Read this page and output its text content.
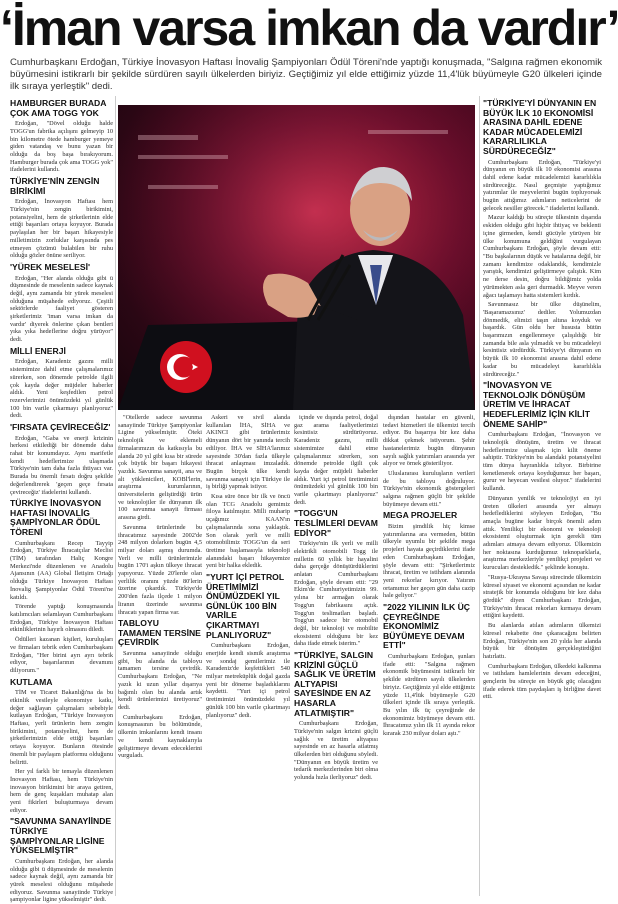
‘İman varsa imkan da vardır’

Cumhurbaşkanı Erdoğan, Türkiye İnovasyon Haftası İnovalig Şampiyonları Ödül Töreni'nde yaptığı konuşmada, "Salgına rağmen ekonomik büyümesini istikrarlı bir şekilde sürdüren sayılı ülkelerden biriyiz. Geçtiğimiz yıl elde ettiğimiz yüzde 11,4'lük büyümeyle G20 ülkeleri içinde ilk sıraya yerleştik" dedi.

HAMBURGER BURADA ÇOK AMA TOGG YOK

Erdoğan, "Dövel olduğu halde TOGG'un fabrika açılışını gelmeyip 10 bin kilometre ötede hamburger yemeye giden vatandaş ve bunu yazan bir olduğu da boş başa bırakıyorum. Hamburger burada çok ama TOGG yok" ifadelerini kullandı.

TÜRKİYE'NİN ZENGİN BİRİKİMİ

Erdoğan, İnovasyon Haftası hem Türkiye'nin zengin birikimini, potansiyelini, hem de şirketlerinin elde ettiği başarıları ortaya koyuyor. Burada paylaşılan her bir başarı hikayesiyle milletimizin zorluklar karşısında pes etmeyen çözümü bulabilen bir ruhu olduğu gözler önüne seriliyor.

'YÜREK MESELESİ'

Erdoğan, "Her alanda olduğu gibi ü düşmesinde de meselenin sadece kaynak değil, aynı zamanda bir yürek meselesi olduğuna müşahede ediyoruz. Çeşitli sektörlerde faaliyet gösteren şirketlerimiz 'iman varsa imkan da vardır' diyerek önlerine çıkan bentleri yıka yıka hedeflerine doğru yürüyor" dedi.

MİLLİ ENERJİ

Erdoğan, Karadeniz gazını milli sistemimize dahil etme çalışmalarımız sürerken, son dönemde petrolde ilgili çok kayda değer müjdeler haberler aldık. Yeni keşfedilen petrol rezervlerimizi önümüzdeki yıl günlük 100 bin varile çıkarmayı planlıyoruz" dedi.

'FIRSATA ÇEVİRECEĞİZ'

Erdoğan, "Gaba ve enerji krizinin herkesi etkilediği bir dönemde daha rahat bir konumdayız. Aynı marifetle kendi hedeflerimize ulaşmada Türkiye'nin tam daha fazla ihtiyacı var. Burada bu önemli fırsatı doğru şekilde değerlendirerek 'geçen geçe fırsata çevireceğiz' ifadelerini kullandı.

TÜRKİYE İNOVASYON HAFTASI İNOVALİG ŞAMPİYONLAR ÖDÜL TÖRENİ

Cumhurbaşkanı Recep Tayyip Erdoğan, Türkiye İhracatçılar Meclisi (TİM) tarafından Haliç Kongre Merkezi'nde düzenlenen ve Anadolu Ajansının (AA) Global İletişim Ortağı olduğu Türkiye İnovasyon Haftası İnovalig Şampiyonlar Ödül Töreni'ne katıldı.

Törende yaptığı konuşmasında katılımcıları selamlayan Cumhurbaşkanı Erdoğan, Türkiye İnovasyon Haftası etkinliklerinin hayırlı olmasını diledi.

Ödülleri kazanan kişileri, kuruluşları ve firmaları tebrik eden Cumhurbaşkanı Erdoğan, "Her birini ayrı ayrı tebrik ediyor, başarılarının devamını diliyorum."

KUTLAMA

TİM ve Ticaret Bakanlığı'na da bu etkinlik vesileyle ekonomiye katkı, değer sağlayan çalışmaları sebebiyle kutlayan Erdoğan, "Türkiye İnovasyon Haftası, yerli ürünlerin hem zengin birikimini, potansiyelini, hem de şirketlerimizin elde ettiği başarıları ortaya koyuyor. Bunların ötesinde önemli bir paylaşım platformu olduğunu belirtti.

Her yıl farklı bir temayla düzenlenen İnovasyon Haftası, hem Türkiye'nin inovasyon birikimini bir araya getiren, hem de genç kuşakları muhatap alan yeni fikirleri buluşturmaya devam ediyor.

"SAVUNMA SANAYİİNDE TÜRKİYE ŞAMPİYONLAR LİGİNE YÜKSELMİŞTİR"

Cumhurbaşkanı Erdoğan, her alanda olduğu gibi ü düşmesinde de meselenin sadece kaynak değil, aynı zamanda bir yürek meselesi olduğunu müşahede ediyoruz. Savunma sanayiinde Türkiye şampiyonlar ligine yükselmiştir" dedi.

"Otellerde sadece savunma sanayiinde Türkiye Şampiyonlar Ligine yükselmiştir. Öteki teknolojik ve eklemeli firmalarımızın da katkısıyla bu alanda 20 yıl gibi kısa bir sürede çok büyük bir başarı hikayesi yazdık. Savunma sanayii, ana ve alt yüklenicileri, KOBİ'lerin, araştırma kurumlarının, üniversitelerin geliştirdiği ürün ve teknolojiler ile dünyanın ilk 100 savunma sanayii firması arasına girdi.

Savunma ürünlerinde bu ihracatımız sayesinde 2002'de 248 milyon dolarken bugün 4,5 milyar doları aşmış durumda. Yerli ve milli ürünlerimizle bugün 170'i aşkın ülkeye ihracat yapıyoruz. Yüzde 20'lerde olan yerlilik oranını yüzde 80'lerin üzerine çıkardık. Türkiye'de 200'den fazla ilçede 1 milyon liranın üzerinde savunma ihracatı yapan firma var.

TABLOYU TAMAMEN TERSİNE ÇEVİRDİK

Savunma sanayiinde olduğu gibi, bu alanda da tabloyu tamamen tersine çevirdik. Cumhurbaşkanı Erdoğan, "Ne yazık ki uzun yıllar dışarıya bağımlı olan bu alanda artık kendi ürünlerimizi üretiyoruz" dedi.

Cumhurbaşkanı Erdoğan, konuşmasının bu bölümünde, ülkenin imkanlarını kendi insanı ve kendi kaynaklarıyla geliştirmeye devam edeceklerini vurguladı.

Askeri ve sivil alanda kullanılan İHA, SİHA ve AKINCI gibi ürünlerimiz dünyanın dört bir yanında tercih ediliyor. İHA ve SİHA'larımız sayesinde 30'dan fazla ülkeyle ihracat anlaşması imzaladık. Bugün birçok ülke kendi savunma sanayii için Türkiye ile iş birliği yapmak istiyor.

Kısa süre önce bir ilk ve öncü olan TCG Anadolu gemimiz filoya katılmıştır. Milli muharip uçağımız KAAN'ın çalışmalarında sona yaklaştık. Son olarak yerli ve milli otomobilimiz TOGG'un da seri üretime başlamasıyla teknoloji alanındaki başarı hikayemize yeni bir halka ekledik.

"YURT İÇİ PETROL ÜRETİMİMİZİ ÖNÜMÜZDEKİ YIL GÜNLÜK 100 BİN VARİLE ÇIKARTMAYI PLANLIYORUZ"

Cumhurbaşkanı Erdoğan, enerjide kendi sismik araştırma ve sondaj gemilerimiz ile Karadeniz'de keşfettikleri 540 milyar metreküplük doğal gazda yeni bir döneme başladıklarını kaydetti. "Yurt içi petrol üretimimizi önümüzdeki yıl günlük 100 bin varile çıkartmayı planlıyoruz" dedi.

içinde ve dışında petrol, doğal gaz arama faaliyetlerimizi kesintisiz sürdürüyoruz. Karadeniz gazını, milli sistemimize dahil etme çalışmalarımız sürerken, son dönemde petrolde ilgili çok kayda değer müjdeli haberler aldık. Yurt içi petrol üretimimizi önümüzdeki yıl günlük 100 bin varile çıkartmayı planlıyoruz" dedi.

"TOGG'UN TESLİMLERİ DEVAM EDİYOR"

Türkiye'nin ilk yerli ve milli elektrikli otomobili Togg ile milletin 60 yıllık bir hayalini daha gerçeğe dönüştürdüklerini anlatan Cumhurbaşkanı Erdoğan, şöyle devam etti: "29 Ekim'de Cumhuriyetimizin 99. yılına bir armağan olarak Togg'un fabrikasını açtık. Togg'un teslimatları başladı. Togg'un sadece bir otomobil değil, bir teknoloji ve mobilite ekosistemi olduğunu bir kez daha ifade etmek isterim."

"TÜRKİYE, SALGIN KRİZİNİ GÜÇLÜ SAĞLIK VE ÜRETİM ALTYAPISI SAYESİNDE EN AZ HASARLA ATLATMIŞTIR"

Cumhurbaşkanı Erdoğan, Türkiye'nin salgın krizini güçlü sağlık ve üretim altyapısı sayesinde en az hasarla atlatmış ülkelerden biri olduğunu söyledi. "Dünyanın en büyük üretim ve tedarik merkezlerinden biri olma yolunda hızla ilerliyoruz" dedi.

dışından hastalar en güvenli, tedavi hizmetleri ile ülkemizi tercih ediyor. Bu başarıya bir kez daha dikkat çekmek istiyorum. Şehir hastanelerimiz bugün dünyanın sayılı sağlık yatırımları arasında yer alıyor ve örnek gösteriliyor.

Uluslararası kuruluşların verileri de bu tabloyu doğruluyor. Türkiye'nin ekonomik göstergeleri salgına rağmen güçlü bir şekilde büyümeye devam etti."

MEGA PROJELER

Bizim şimdilik hiç kimse yatırımlarına ara vermeden, bütün ülkeyle uyumlu bir şekilde mega projeleri hayata geçirdiklerini ifade eden Cumhurbaşkanı Erdoğan, şöyle devam etti: "Şirketlerimiz ihracat, üretim ve istihdam alanında yeni rekorlar kırıyor. Yatırım ortamımız her geçen gün daha cazip hale geliyor."

"2022 YILININ İLK ÜÇ ÇEYREĞİNDE EKONOMİMİZ BÜYÜMEYE DEVAM ETTİ"

Cumhurbaşkanı Erdoğan, şunları ifade etti: "Salgına rağmen ekonomik büyümesini istikrarlı bir şekilde sürdüren sayılı ülkelerden biriyiz. Geçtiğimiz yıl elde ettiğimiz yüzde 11,4'lük büyümeyle G20 ülkeleri içinde ilk sıraya yerleştik. Bu yılın ilk üç çeyreğinde de ekonomimiz büyümeye devam etti. İhracatımız yılın ilk 11 ayında rekor kırarak 230 milyar doları aştı."

"TÜRKİYE'Yİ DÜNYANIN EN BÜYÜK İLK 10 EKONOMİSİ ARASINA DAHİL EDENE KADAR MÜCADELEMİZİ KARARLILIKLA SÜRDÜRECEĞİZ"

Cumhurbaşkanı Erdoğan, "Türkiye'yi dünyanın en büyük ilk 10 ekonomisi arasına dahil edene kadar mücadelemizi kararlılıkla sürdüreceğiz. Nasıl geçmişte yaptığımız yatırımlar ile meyvelerini bugün topluyorsak bugün attığımız adımların neticelerini de gelecek nesiller görecek." ifadelerini kullandı.

Mazur kaldığı bu süreçte ülkesinin dışarıda eskiden olduğu gibi hiçbir ihtiyaç ve beklenti içine girmeden, kendi gücüyle yürüyen bir ülke konumuna geldiğini vurgulayan Cumhurbaşkanı Erdoğan, şöyle devam etti: "Bu başkalarının düşük ve hatalarına değil, bir zamanı kendimize odaklandık, kendimizle yarıştık, kendimizi geliştirmeye çalıştık. Kim ne derse desin, doğru bildiğimiz yolda yürümekten asla geri durmadık. Meyve veren ağacı taşlamayı hatta sistemleri kırdık.

Savunmasız bir ülke düşünelim, 'Başaramazsınız' dediler. Yolumuzdan dönmedik, elimizi taşın altına koyduk ve başardık. Gün oldu her hususta bütün başarımızın engellenmeye çalışıldığı bir zamanda bile asla yılmadık ve bu mücadeleyi kesintisiz sürdürdük. Türkiye'yi dünyanın en büyük ilk 10 ekonomisi arasına dahil edene kadar bu mücadeleyi kararlılıkla sürdüreceğiz."

"İNOVASYON VE TEKNOLOJİK DÖNÜŞÜM ÜRETİM VE İHRACAT HEDEFLERİMİZ İÇİN KİLİT ÖNEME SAHİP"

Cumhurbaşkanı Erdoğan, "İnovasyon ve teknolojik dönüşüm, üretim ve ihracat hedeflerimize ulaşmak için kilit öneme sahiptir. Türkiye'nin bu alandaki potansiyelini tüm dünya hayranlıkla izliyor. Birbirine kenetlenerek ortaya koyduğumuz her başarı, gurur ve heyecan vesilesi oluyor." ifadelerini kullandı.

Dünyanın yenilik ve teknolojiyi en iyi üreten ülkeleri arasında yer almayı hedeflediklerini söyleyen Erdoğan, "Bu amaçla bugüne kadar birçok önemli adım attık. Yenilikçi bir ekonomi ve teknoloji ekosistemi oluşturmak için gerekli tüm adımları atmaya devam ediyoruz. Ülkemizin her noktasına kurduğumuz teknoparklarla, araştırma merkezleriyle yenilikçi projeleri ve kurucuları destekledik." şeklinde konuştu.

"Rusya-Ukrayna Savaşı sürecinde ülkemizin küresel siyaset ve ekonomi açısından ne kadar stratejik bir konumda olduğunu bir kez daha gördük" diyen Cumhurbaşkanı Erdoğan, Türkiye'nin ihracat rekorları kırmaya devam ettiğini kaydetti.

Bu alanlarda atılan adımların ülkemizi küresel rekabette öne çıkaracağını belirten Erdoğan, Türkiye'nin son 20 yılda her alanda büyük bir dönüşüm gerçekleştirdiğini hatırlattı.

Cumhurbaşkanı Erdoğan, ülkedeki kalkınma ve istihdam hamlelerinin devam edeceğini, gençlerin bu süreçte en büyük güç olacağını ifade ederek tüm paydaşları iş birliğine davet etti.
